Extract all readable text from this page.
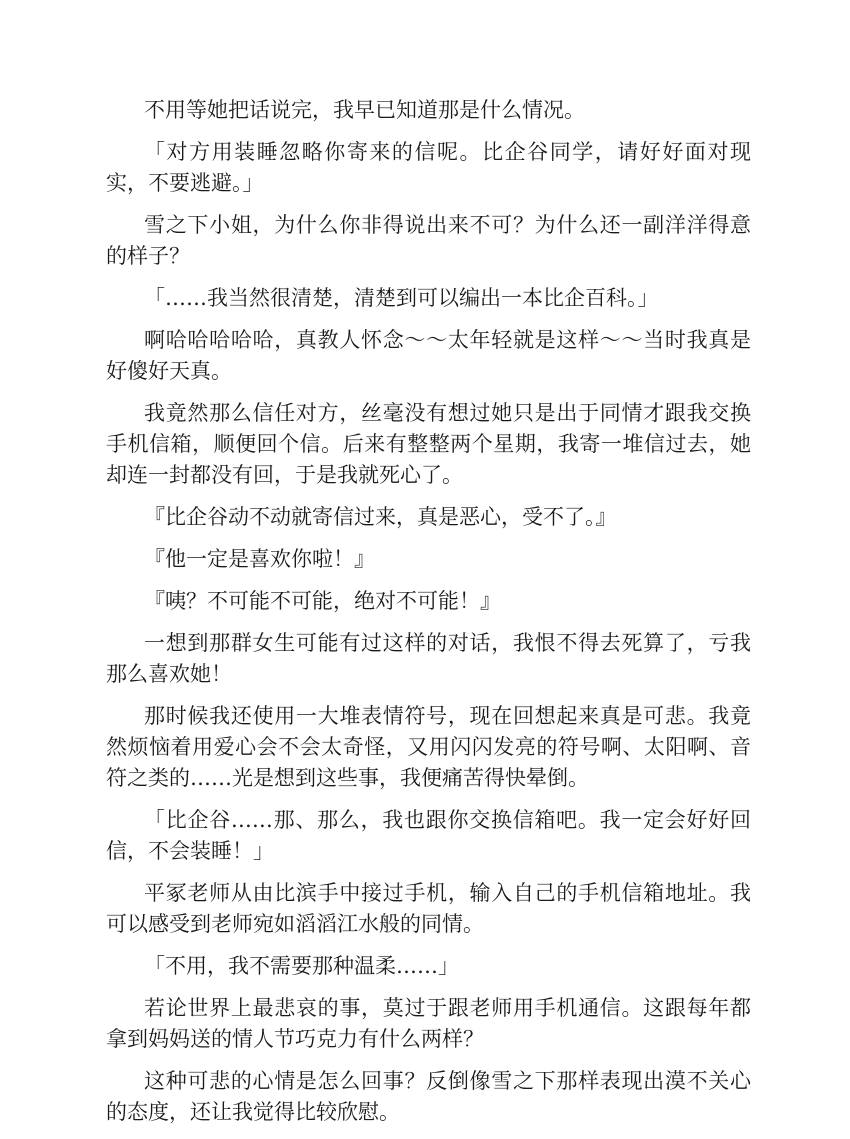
不用等她把话说完，我早已知道那是什么情况。

「对方用装睡忽略你寄来的信呢。比企谷同学，请好好面对现实，不要逃避。」

雪之下小姐，为什么你非得说出来不可？为什么还一副洋洋得意的样子？

「……我当然很清楚，清楚到可以编出一本比企百科。」

啊哈哈哈哈哈，真教人怀念～～太年轻就是这样～～当时我真是好傻好天真。

我竟然那么信任对方，丝毫没有想过她只是出于同情才跟我交换手机信箱，顺便回个信。后来有整整两个星期，我寄一堆信过去，她却连一封都没有回，于是我就死心了。

『比企谷动不动就寄信过来，真是恶心，受不了。』

『他一定是喜欢你啦！』

『咦？不可能不可能，绝对不可能！』

一想到那群女生可能有过这样的对话，我恨不得去死算了，亏我那么喜欢她！

那时候我还使用一大堆表情符号，现在回想起来真是可悲。我竟然烦恼着用爱心会不会太奇怪，又用闪闪发亮的符号啊、太阳啊、音符之类的……光是想到这些事，我便痛苦得快晕倒。

「比企谷……那、那么，我也跟你交换信箱吧。我一定会好好回信，不会装睡！」

平冢老师从由比滨手中接过手机，输入自己的手机信箱地址。我可以感受到老师宛如滔滔江水般的同情。

「不用，我不需要那种温柔……」

若论世界上最悲哀的事，莫过于跟老师用手机通信。这跟每年都拿到妈妈送的情人节巧克力有什么两样？

这种可悲的心情是怎么回事？反倒像雪之下那样表现出漠不关心的态度，还让我觉得比较欣慰。
